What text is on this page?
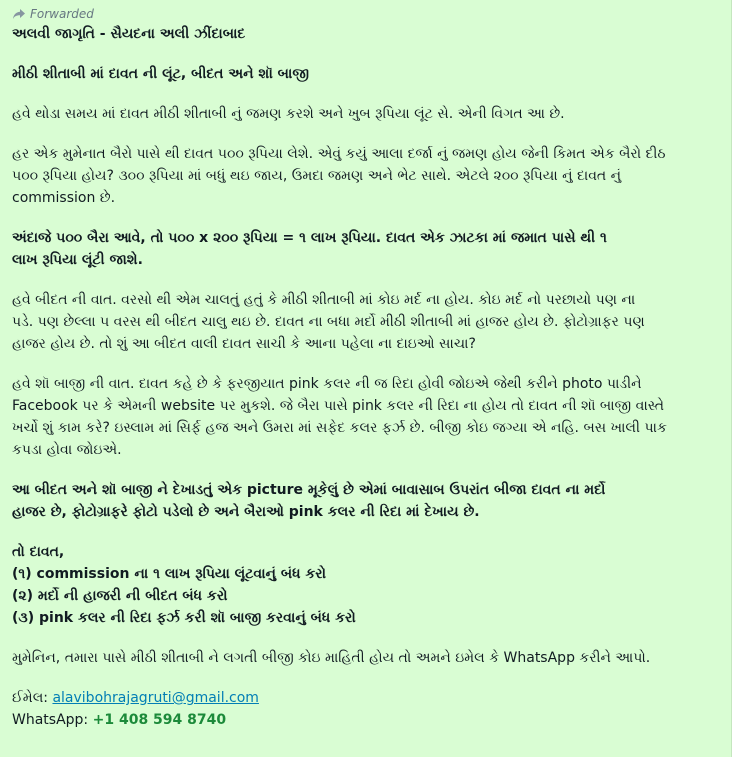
Forwarded

અલવી જાગૃતિ - સૈયદના અલી ઝીંદાબાદ

મીઠી શીતાબી માં દાવત ની લૂંટ, બીદત અને શૉ બાજી

હવે થોડા સમય માં દાવત મીઠી શીતાબી નું જમણ કરશે અને ખુબ રૂપિયા લૂંટ સે. એની વિગત આ છે.

હર એક મુમેનાત બૈરો પાસે થી દાવત ૫૦૦ રૂપિયા લેશે. એવું કયું આલા દર્જા નું જમણ હોય જેની કિમત એક બૈરો દીઠ
૫૦૦ રૂપિયા હોય? ૩૦૦ રૂપિયા માં બધું થઇ જાય, ઉમદા જમણ અને ભેટ સાથે. એટલે ૨૦૦ રૂપિયા નું દાવત નું
commission છે.

અંદાજે ૫૦૦ બૈરા આવે, તો ૫૦૦ x ૨૦૦ રૂપિયા = ૧ લાખ રૂપિયા. દાવત એક ઝાટકા માં જમાત પાસે થી ૧
લાખ રૂપિયા લૂંટી જાશે.

હવે બીદત ની વાત. વરસો થી એમ ચાલતું હતું કે મીઠી શીતાબી માં કોઇ મર્દ ના હોય. કોઇ મર્દ નો પરછાયો પણ ના
પડે. પણ છેલ્લા ૫ વરસ થી બીદત ચાલુ થઇ છે. દાવત ના બધા મર્દો મીઠી શીતાબી માં હાજર હોય છે. ફોટોગ્રાફર પણ
હાજર હોય છે. તો શું આ બીદત વાલી દાવત સાચી કે આના પહેલા ના દાઇઓ સાચા?

હવે શૉ બાજી ની વાત. દાવત કહે છે કે ફરજીયાત pink કલર ની જ રિદા હોવી જોઇએ જેથી કરીને photo પાડીને
Facebook પર કે એમની website પર મુકશે. જે બૈરા પાસે pink કલર ની રિદા ના હોય તો દાવત ની શૉ બાજી વાસ્તે
ખર્ચો શું કામ કરે? ઇસ્લામ માં સિર્ફ હજ અને ઉમરા માં સફેદ કલર ફર્ઝ છે. બીજી કોઇ જગ્યા એ નહિ. બસ ખાલી પાક
કપડા હોવા જોઇએ.

આ બીદત અને શૉ બાજી ને દેખાડતું એક picture મૂકેલું છે એમાં બાવાસાબ ઉપરાંત બીજા દાવત ના મર્દો
હાજર છે, ફોટોગ્રાફરે ફોટો પડેલો છે અને બૈરાઓ pink કલર ની રિદા માં દેખાય છે.

તો દાવત,
(૧) commission ના ૧ લાખ રૂપિયા લૂંટવાનું બંધ કરો
(૨) મર્દો ની હાજરી ની બીદત બંધ કરો
(૩) pink કલર ની રિદા ફર્ઝ કરી શૉ બાજી કરવાનું બંધ કરો

મુમેનિન, તમારા પાસે મીઠી શીતાબી ને લગતી બીજી કોઇ માહિતી હોય તો અમને ઇમેલ કે WhatsApp કરીને આપો.

ઈમેલ: alavibohrajagruti@gmail.com
WhatsApp: +1 408 594 8740
